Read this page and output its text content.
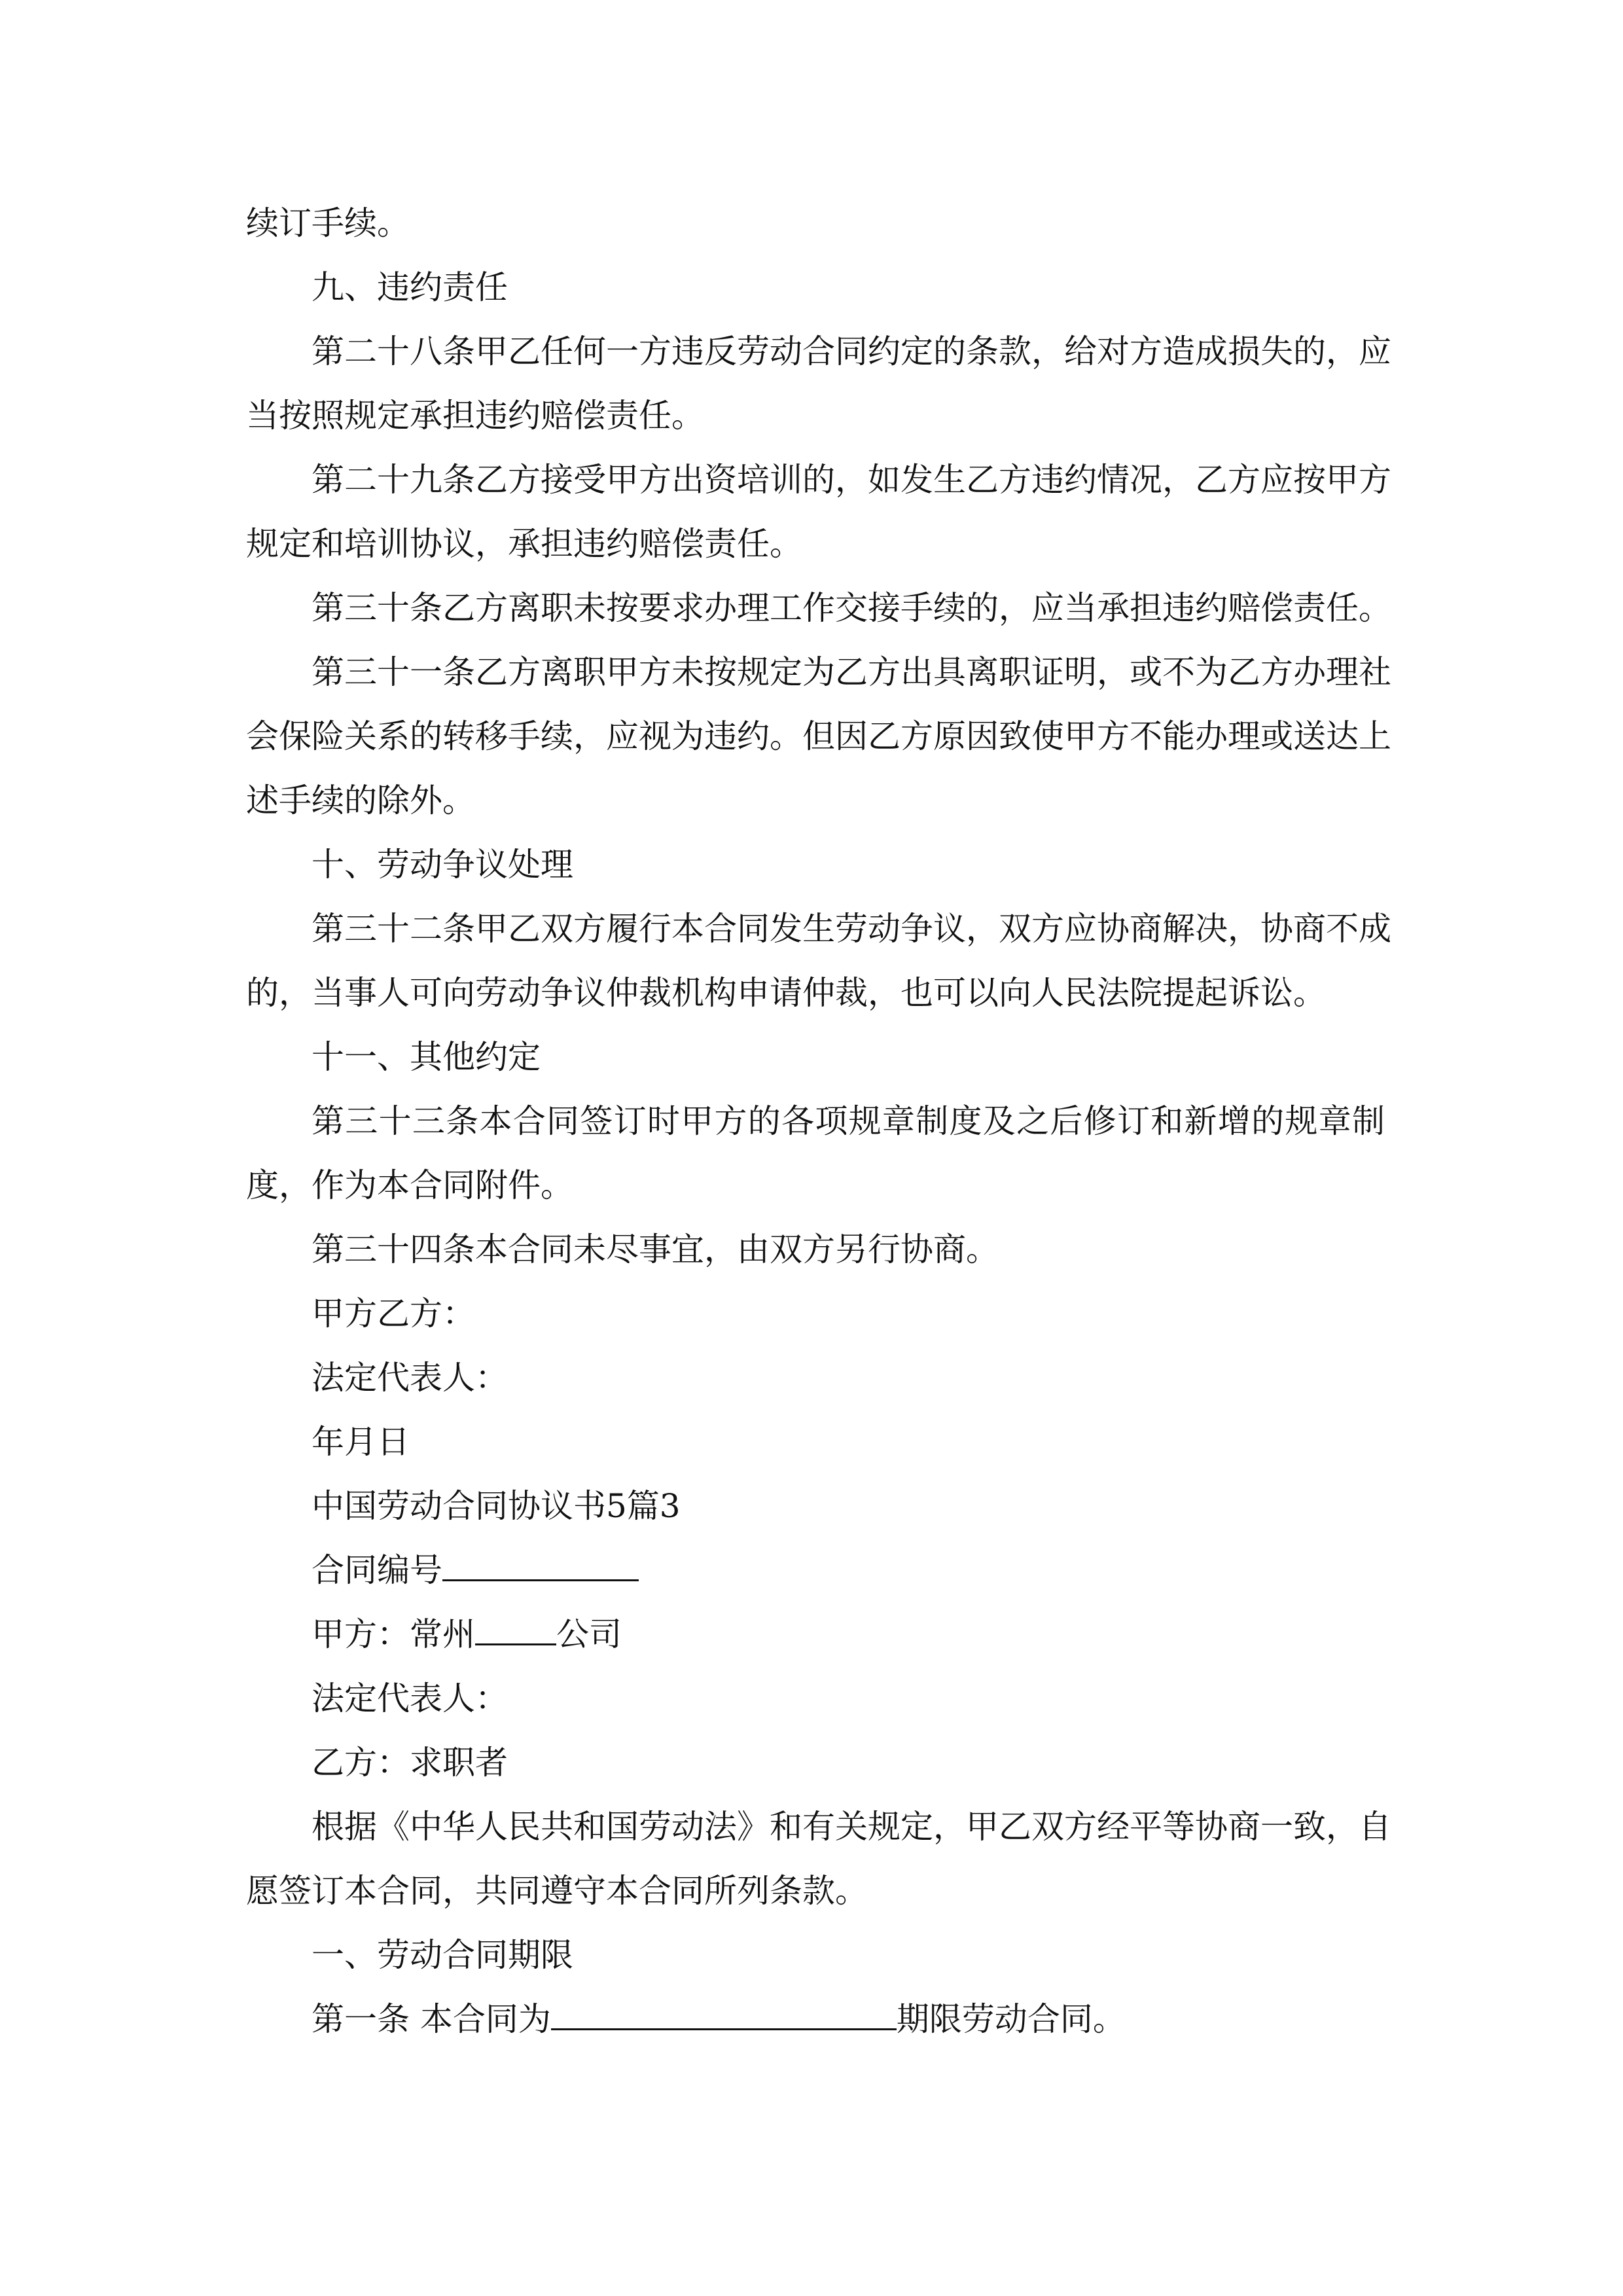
续订手续。
九、违约责任
第二十八条甲乙任何一方违反劳动合同约定的条款，给对方造成损失的，应
当按照规定承担违约赔偿责任。
第二十九条乙方接受甲方出资培训的，如发生乙方违约情况，乙方应按甲方
规定和培训协议，承担违约赔偿责任。
第三十条乙方离职未按要求办理工作交接手续的，应当承担违约赔偿责任。
第三十一条乙方离职甲方未按规定为乙方出具离职证明，或不为乙方办理社
会保险关系的转移手续，应视为违约。但因乙方原因致使甲方不能办理或送达上
述手续的除外。
十、劳动争议处理
第三十二条甲乙双方履行本合同发生劳动争议，双方应协商解决，协商不成
的，当事人可向劳动争议仲裁机构申请仲裁，也可以向人民法院提起诉讼。
十一、其他约定
第三十三条本合同签订时甲方的各项规章制度及之后修订和新增的规章制
度，作为本合同附件。
第三十四条本合同未尽事宜，由双方另行协商。
甲方乙方：
法定代表人：
年月日
中国劳动合同协议书5篇3
合同编号
甲方：常州 公司
法定代表人：
乙方：求职者
根据《中华人民共和国劳动法》和有关规定，甲乙双方经平等协商一致，自
愿签订本合同，共同遵守本合同所列条款。
一、劳动合同期限
第一条 本合同为	期限劳动合同。
